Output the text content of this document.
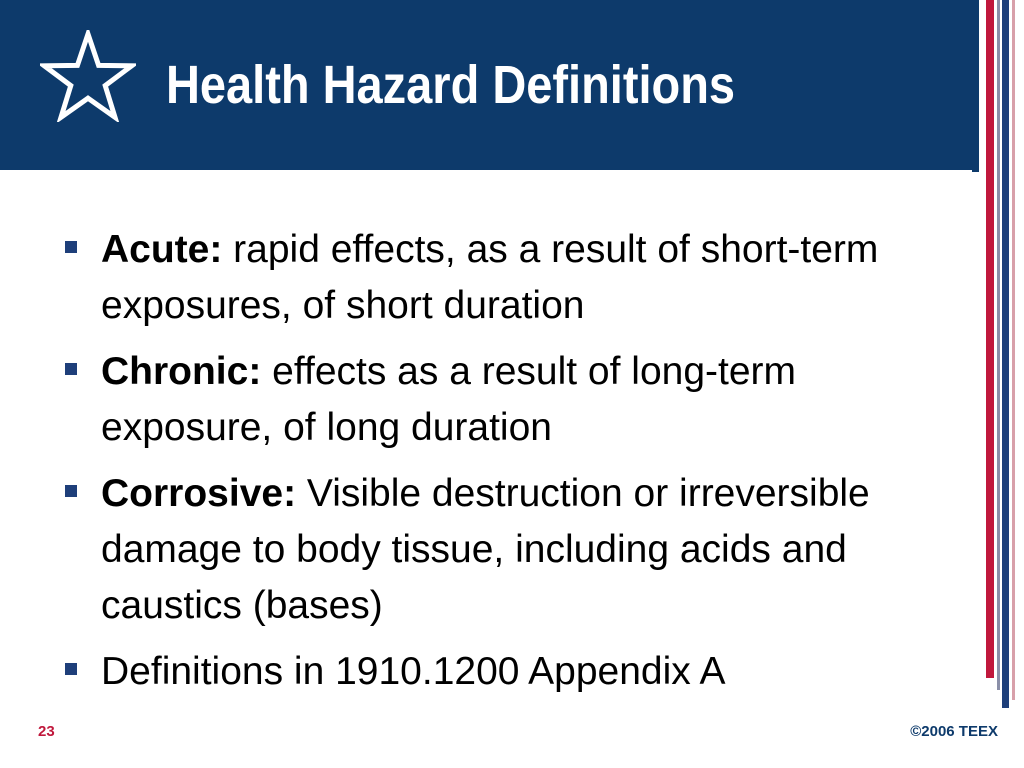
Health Hazard Definitions
Acute: rapid effects, as a result of short-term exposures, of short duration
Chronic: effects as a result of long-term exposure, of long duration
Corrosive: Visible destruction or irreversible damage to body tissue, including acids and caustics (bases)
Definitions in 1910.1200 Appendix A
23	©2006 TEEX
